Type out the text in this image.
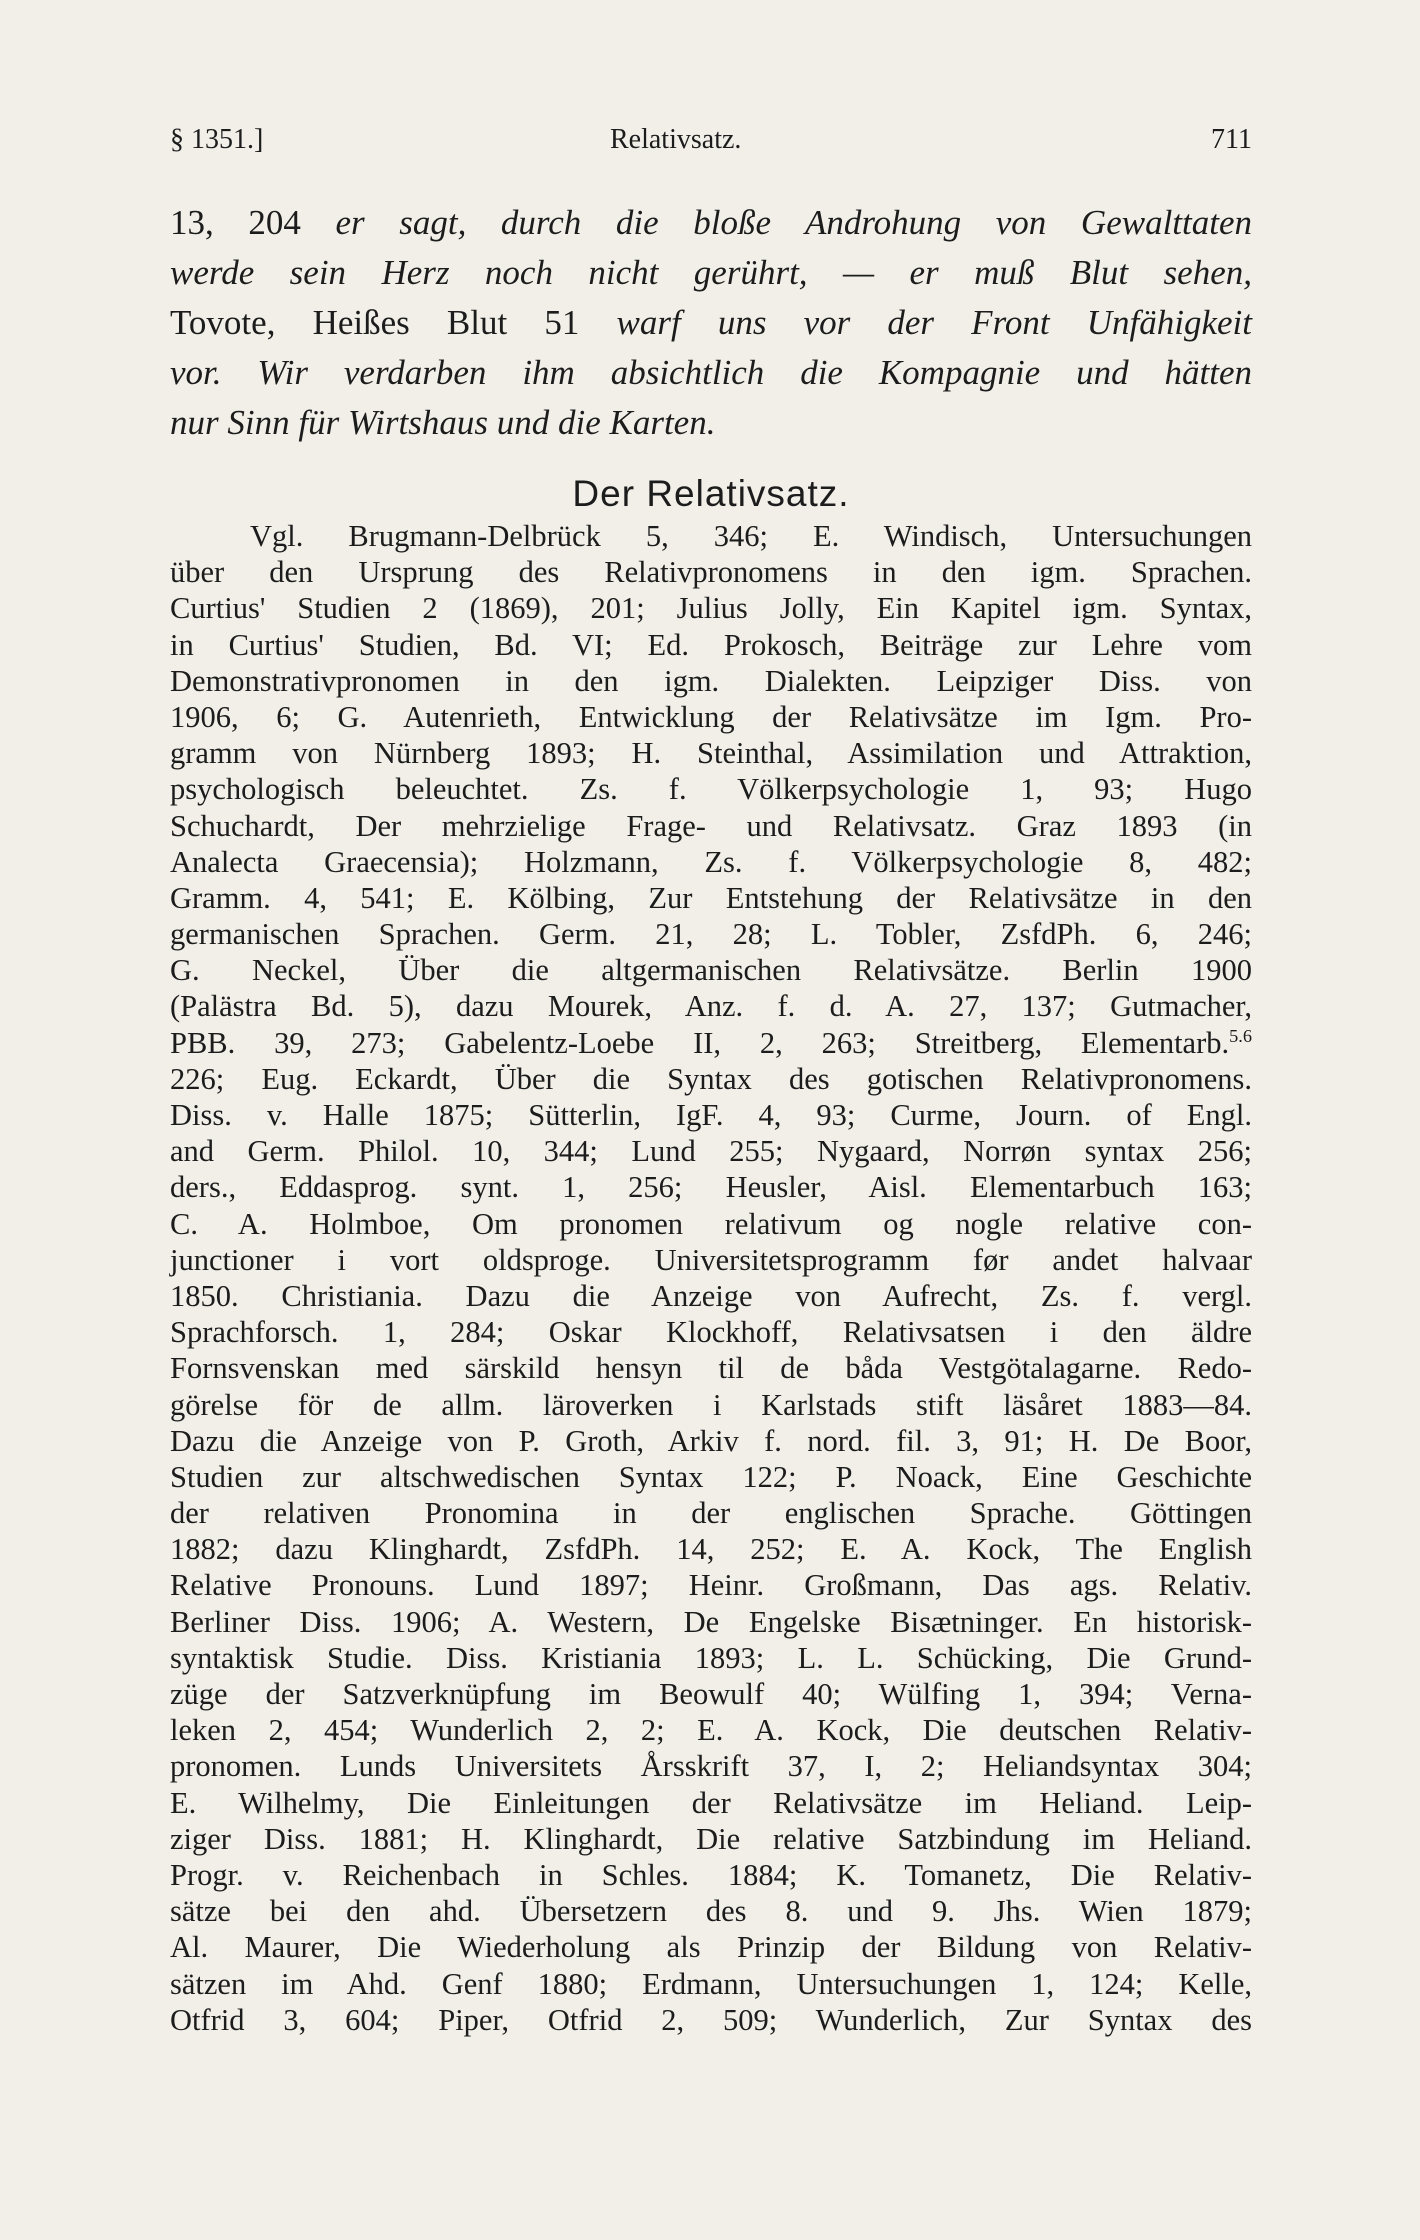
§ 1351.]	Relativsatz.	711
13, 204 er sagt, durch die bloße Androhung von Gewalttaten
werde sein Herz noch nicht gerührt, — er muß Blut sehen,
Tovote, Heißes Blut 51 warf uns vor der Front Unfähigkeit
vor. Wir verdarben ihm absichtlich die Kompagnie und hätten
nur Sinn für Wirtshaus und die Karten.
Der Relativsatz.
Vgl. Brugmann-Delbrück 5, 346; E. Windisch, Untersuchungen
über den Ursprung des Relativpronomens in den igm. Sprachen.
Curtius' Studien 2 (1869), 201; Julius Jolly, Ein Kapitel igm. Syntax,
in Curtius' Studien, Bd. VI; Ed. Prokosch, Beiträge zur Lehre vom
Demonstrativpronomen in den igm. Dialekten. Leipziger Diss. von
1906, 6; G. Autenrieth, Entwicklung der Relativsätze im Igm. Pro-
gramm von Nürnberg 1893; H. Steinthal, Assimilation und Attraktion,
psychologisch beleuchtet. Zs. f. Völkerpsychologie 1, 93; Hugo
Schuchardt, Der mehrzielige Frage- und Relativsatz. Graz 1893 (in
Analecta Graecensia); Holzmann, Zs. f. Völkerpsychologie 8, 482;
Gramm. 4, 541; E. Kölbing, Zur Entstehung der Relativsätze in den
germanischen Sprachen. Germ. 21, 28; L. Tobler, ZsfdPh. 6, 246;
G. Neckel, Über die altgermanischen Relativsätze. Berlin 1900
(Palästra Bd. 5), dazu Mourek, Anz. f. d. A. 27, 137; Gutmacher,
PBB. 39, 273; Gabelentz-Loebe II, 2, 263; Streitberg, Elementarb.$^{5.6}$
226; Eug. Eckardt, Über die Syntax des gotischen Relativpronomens.
Diss. v. Halle 1875; Sütterlin, IgF. 4, 93; Curme, Journ. of Engl.
and Germ. Philol. 10, 344; Lund 255; Nygaard, Norrøn syntax 256;
ders., Eddasprog. synt. 1, 256; Heusler, Aisl. Elementarbuch 163;
C. A. Holmboe, Om pronomen relativum og nogle relative con-
junctioner i vort oldsproge. Universitetsprogramm før andet halvaar
1850. Christiania. Dazu die Anzeige von Aufrecht, Zs. f. vergl.
Sprachforsch. 1, 284; Oskar Klockhoff, Relativsatsen i den äldre
Fornsvenskan med särskild hensyn til de båda Vestgötalagarne. Redo-
görelse för de allm. läroverken i Karlstads stift läsåret 1883—84.
Dazu die Anzeige von P. Groth, Arkiv f. nord. fil. 3, 91; H. De Boor,
Studien zur altschwedischen Syntax 122; P. Noack, Eine Geschichte
der relativen Pronomina in der englischen Sprache. Göttingen
1882; dazu Klinghardt, ZsfdPh. 14, 252; E. A. Kock, The English
Relative Pronouns. Lund 1897; Heinr. Großmann, Das ags. Relativ.
Berliner Diss. 1906; A. Western, De Engelske Bisætninger. En historisk-
syntaktisk Studie. Diss. Kristiania 1893; L. L. Schücking, Die Grund-
züge der Satzverknüpfung im Beowulf 40; Wülfing 1, 394; Verna-
leken 2, 454; Wunderlich 2, 2; E. A. Kock, Die deutschen Relativ-
pronomen. Lunds Universitets Årsskrift 37, I, 2; Heliandsyntax 304;
E. Wilhelmy, Die Einleitungen der Relativsätze im Heliand. Leip-
ziger Diss. 1881; H. Klinghardt, Die relative Satzbindung im Heliand.
Progr. v. Reichenbach in Schles. 1884; K. Tomanetz, Die Relativ-
sätze bei den ahd. Übersetzern des 8. und 9. Jhs. Wien 1879;
Al. Maurer, Die Wiederholung als Prinzip der Bildung von Relativ-
sätzen im Ahd. Genf 1880; Erdmann, Untersuchungen 1, 124; Kelle,
Otfrid 3, 604; Piper, Otfrid 2, 509; Wunderlich, Zur Syntax des
